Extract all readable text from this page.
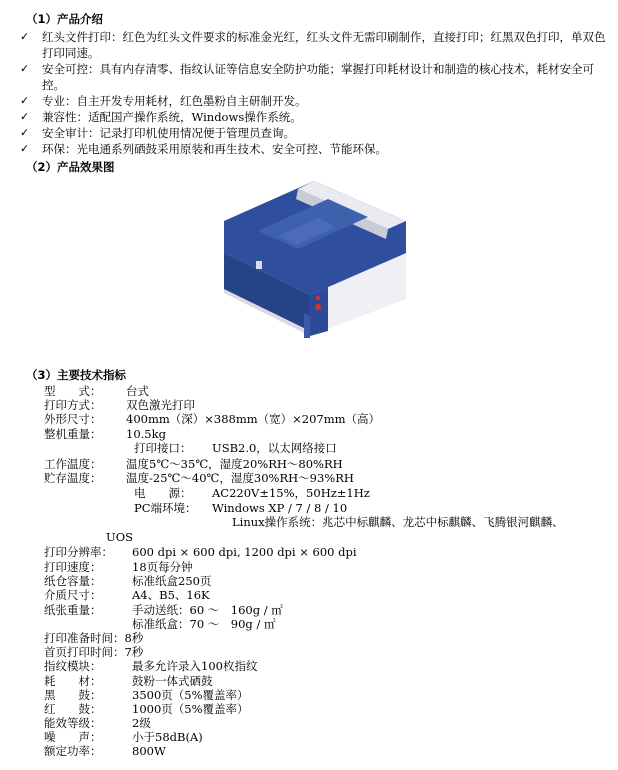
（1）产品介绍
✓ 红头文件打印：红色为红头文件要求的标准金光红，红头文件无需印刷制作，直接打印；红黑双色打印，单双色打印同速。
✓ 安全可控：具有内存清零、指纹认证等信息安全防护功能；掌握打印耗材设计和制造的核心技术，耗材安全可控。
✓ 专业：自主开发专用耗材，红色墨粉自主研制开发。
✓ 兼容性：适配国产操作系统，Windows操作系统。
✓ 安全审计：记录打印机使用情况便于管理员查询。
✓ 环保：光电通系列硒鼓采用原装和再生技术、安全可控、节能环保。
（2）产品效果图
（3）主要技术指标
型　　式： 台式
打印方式： 双色激光打印
外形尺寸： 400mm（深）×388mm（宽）×207mm（高）
整机重量： 10.5kg
打印接口： USB2.0，以太网络接口
工作温度： 温度5℃～35℃，湿度20%RH～80%RH
贮存温度： 温度-25℃～40℃，湿度30%RH～93%RH
电　　源： AC220V±15%，50Hz±1Hz
PC端环境： Windows XP / 7 / 8 / 10
Linux操作系统：兆芯中标麒麟、龙芯中标麒麟、飞腾银河麒麟、
UOS
打印分辨率： 600 dpi × 600 dpi, 1200 dpi × 600 dpi
打印速度：	18页每分钟
纸仓容量：	标准纸盒250页
介质尺寸：	A4、B5、16K
纸张重量：	手动送纸：60 ～　160g / ㎡
标准纸盒：70 ～　90g / ㎡
打印准备时间：8秒
首页打印时间：7秒
指纹模块：	最多允许录入100枚指纹
耗　　材：	鼓粉一体式硒鼓
黑　　鼓：	3500页（5%覆盖率）
红　　鼓：	1000页（5%覆盖率）
能效等级：	2级
噪　　声：	小于58dB(A)
额定功率：	800W
